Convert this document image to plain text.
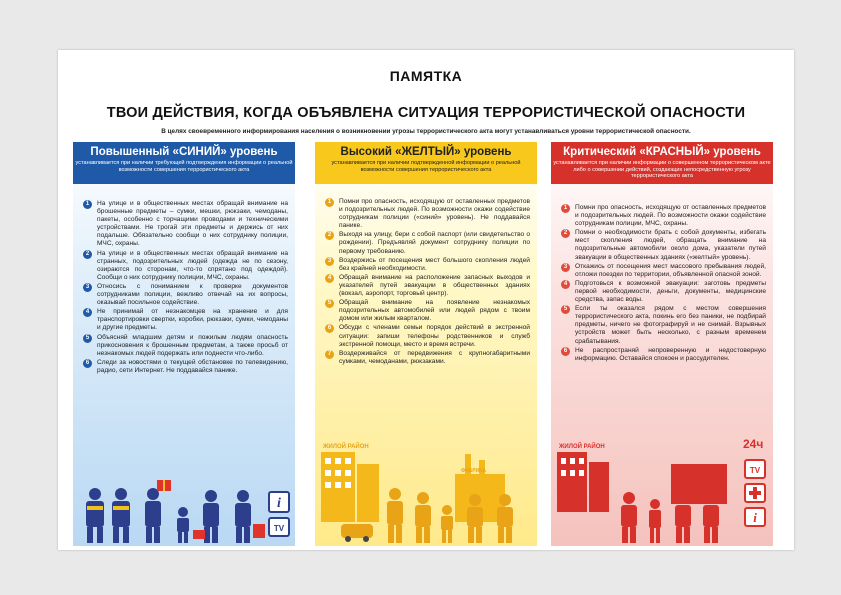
ПАМЯТКА
ТВОИ ДЕЙСТВИЯ, КОГДА ОБЪЯВЛЕНА СИТУАЦИЯ ТЕРРОРИСТИЧЕСКОЙ ОПАСНОСТИ
В целях своевременного информирования населения о возникновении угрозы террористического акта могут устанавливаться уровни террористической опасности.
Повышенный «СИНИЙ» уровень
устанавливается при наличии требующей подтверждения информации о реальной возможности совершения террористического акта
1	На улице и в общественных местах обращай внимание на брошенные предметы – сумки, мешки, рюкзаки, чемоданы, пакеты, особенно с торчащими проводами и техническими устройствами. Не трогай эти предметы и держись от них подальше. Обязательно сообщи о них сотруднику полиции, МЧС, охраны.
2	На улице и в общественных местах обращай внимание на странных, подозрительных людей (одежда не по сезону, озираются по сторонам, что-то спрятано под одеждой). Сообщи о них сотруднику полиции, МЧС, охраны.
3	Относись с пониманием к проверке документов сотрудниками полиции, вежливо отвечай на их вопросы, оказывай посильное содействие.
4	Не принимай от незнакомцев на хранение и для транспортировки свертки, коробки, рюкзаки, сумки, чемоданы и другие предметы.
5	Объясняй младшим детям и пожилым людям опасность прикосновения к брошенным предметам, а также просьб от незнакомых людей подержать или поднести что-либо.
6	Следи за новостями о текущей обстановке по телевидению, радио, сети Интернет. Не поддавайся панике.
i
TV
Высокий «ЖЕЛТЫЙ» уровень
устанавливается при наличии подтвержденной информации о реальной возможности совершения террористического акта
1	Помни про опасность, исходящую от оставленных предметов и подозрительных людей. По возможности окажи содействие сотрудникам полиции («синий» уровень). Не поддавайся панике.
2	Выходя на улицу, бери с собой паспорт (или свидетельство о рождении). Предъявляй документ сотруднику полиции по первому требованию.
3	Воздержись от посещения мест большого скопления людей без крайней необходимости.
4	Обращай внимание на расположение запасных выходов и указателей путей эвакуации в общественных зданиях (вокзал, аэропорт, торговый центр).
5	Обращай внимание на появление незнакомых подозрительных автомобилей или людей рядом с твоим домом или жилым кварталом.
6	Обсуди с членами семьи порядок действий в экстренной ситуации: запиши телефоны родственников и служб экстренной помощи, место и время встречи.
7	Воздерживайся от передвижения с крупногабаритными сумками, чемоданами, рюкзаками.
ЖИЛОЙ РАЙОН
ФАБРИКА
Критический «КРАСНЫЙ» уровень
устанавливается при наличии информации о совершенном террористическом акте либо о совершении действий, создающих непосредственную угрозу террористического акта
1	Помни про опасность, исходящую от оставленных предметов и подозрительных людей. По возможности окажи содействие сотрудникам полиции, МЧС, охраны.
2	Помни о необходимости брать с собой документы, избегать мест скопления людей, обращать внимание на подозрительные автомобили около дома, указатели путей эвакуации в общественных зданиях («желтый» уровень).
3	Откажись от посещения мест массового пребывания людей, отложи поездки по территории, объявленной опасной зоной.
4	Подготовься к возможной эвакуации: заготовь предметы первой необходимости, деньги, документы, медицинские средства, запас воды.
5	Если ты оказался рядом с местом совершения террористического акта, покинь его без паники, не подбирай предметы, ничего не фотографируй и не снимай. Взрывных устройств может быть несколько, с разным временем срабатывания.
6	Не распространяй непроверенную и недостоверную информацию. Оставайся спокоен и рассудителен.
ЖИЛОЙ РАЙОН	24ч
TV
i
